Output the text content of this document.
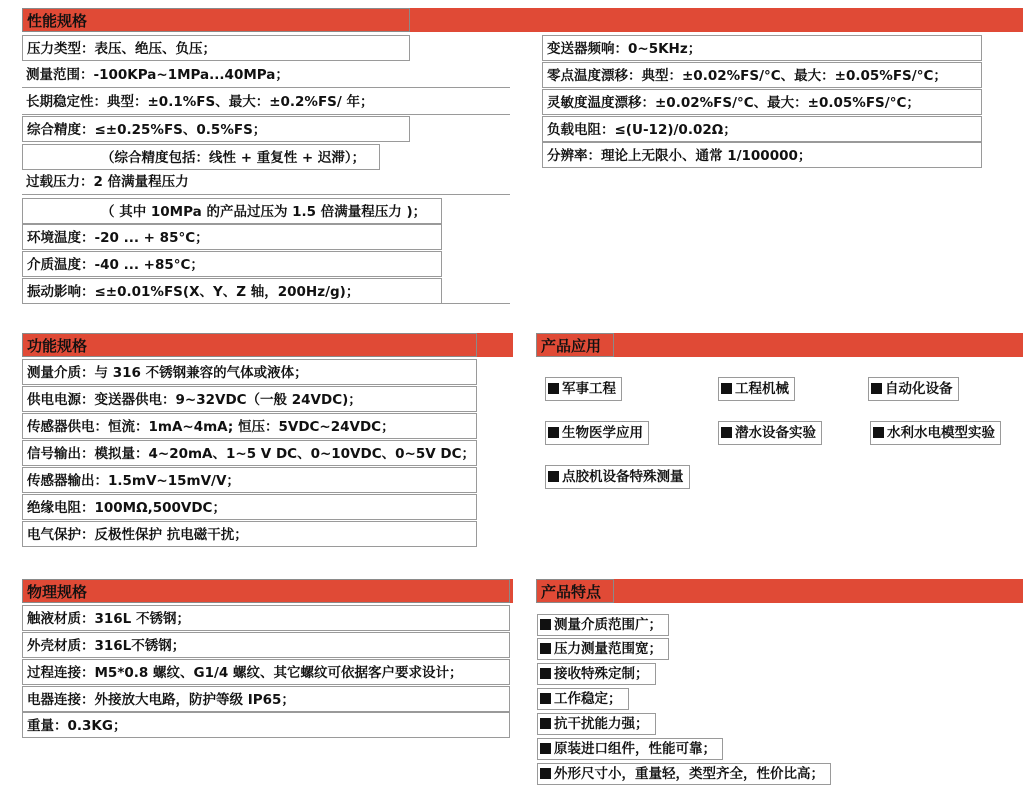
性能规格
压力类型：表压、绝压、负压；
测量范围：-100KPa~1MPa...40MPa；
长期稳定性：典型：±0.1%FS、最大：±0.2%FS/ 年；
综合精度：≤±0.25%FS、0.5%FS；
（综合精度包括：线性 + 重复性 + 迟滞）；
过载压力：2 倍满量程压力
（ 其中 10MPa 的产品过压为 1.5 倍满量程压力 )；
环境温度：-20 ... + 85°C；
介质温度：-40 ... +85°C；
振动影响：≤±0.01%FS(X、Y、Z 轴，200Hz/g)；
变送器频响：0~5KHz；
零点温度漂移：典型：±0.02%FS/°C、最大：±0.05%FS/°C；
灵敏度温度漂移：±0.02%FS/°C、最大：±0.05%FS/°C；
负载电阻：≤(U-12)/0.02Ω；
分辨率：理论上无限小、通常 1/100000；
功能规格
测量介质：与 316 不锈钢兼容的气体或液体；
供电电源：变送器供电：9~32VDC（一般 24VDC)；
传感器供电：恒流：1mA~4mA; 恒压：5VDC~24VDC；
信号输出：模拟量：4~20mA、1~5 V DC、0~10VDC、0~5V DC；
传感器输出：1.5mV~15mV/V；
绝缘电阻：100MΩ,500VDC；
电气保护：反极性保护 抗电磁干扰；
产品应用
军事工程	工程机械	自动化设备
生物医学应用	潜水设备实验	水利水电模型实验
点胶机设备特殊测量
物理规格
触液材质：316L 不锈钢；
外壳材质：316L不锈钢；
过程连接：M5*0.8 螺纹、G1/4 螺纹、其它螺纹可依据客户要求设计；
电器连接：外接放大电路，防护等级 IP65；
重量：0.3KG；
产品特点
测量介质范围广；
压力测量范围宽；
接收特殊定制；
工作稳定；
抗干扰能力强；
原装进口组件，性能可靠；
外形尺寸小，重量轻，类型齐全，性价比高；
